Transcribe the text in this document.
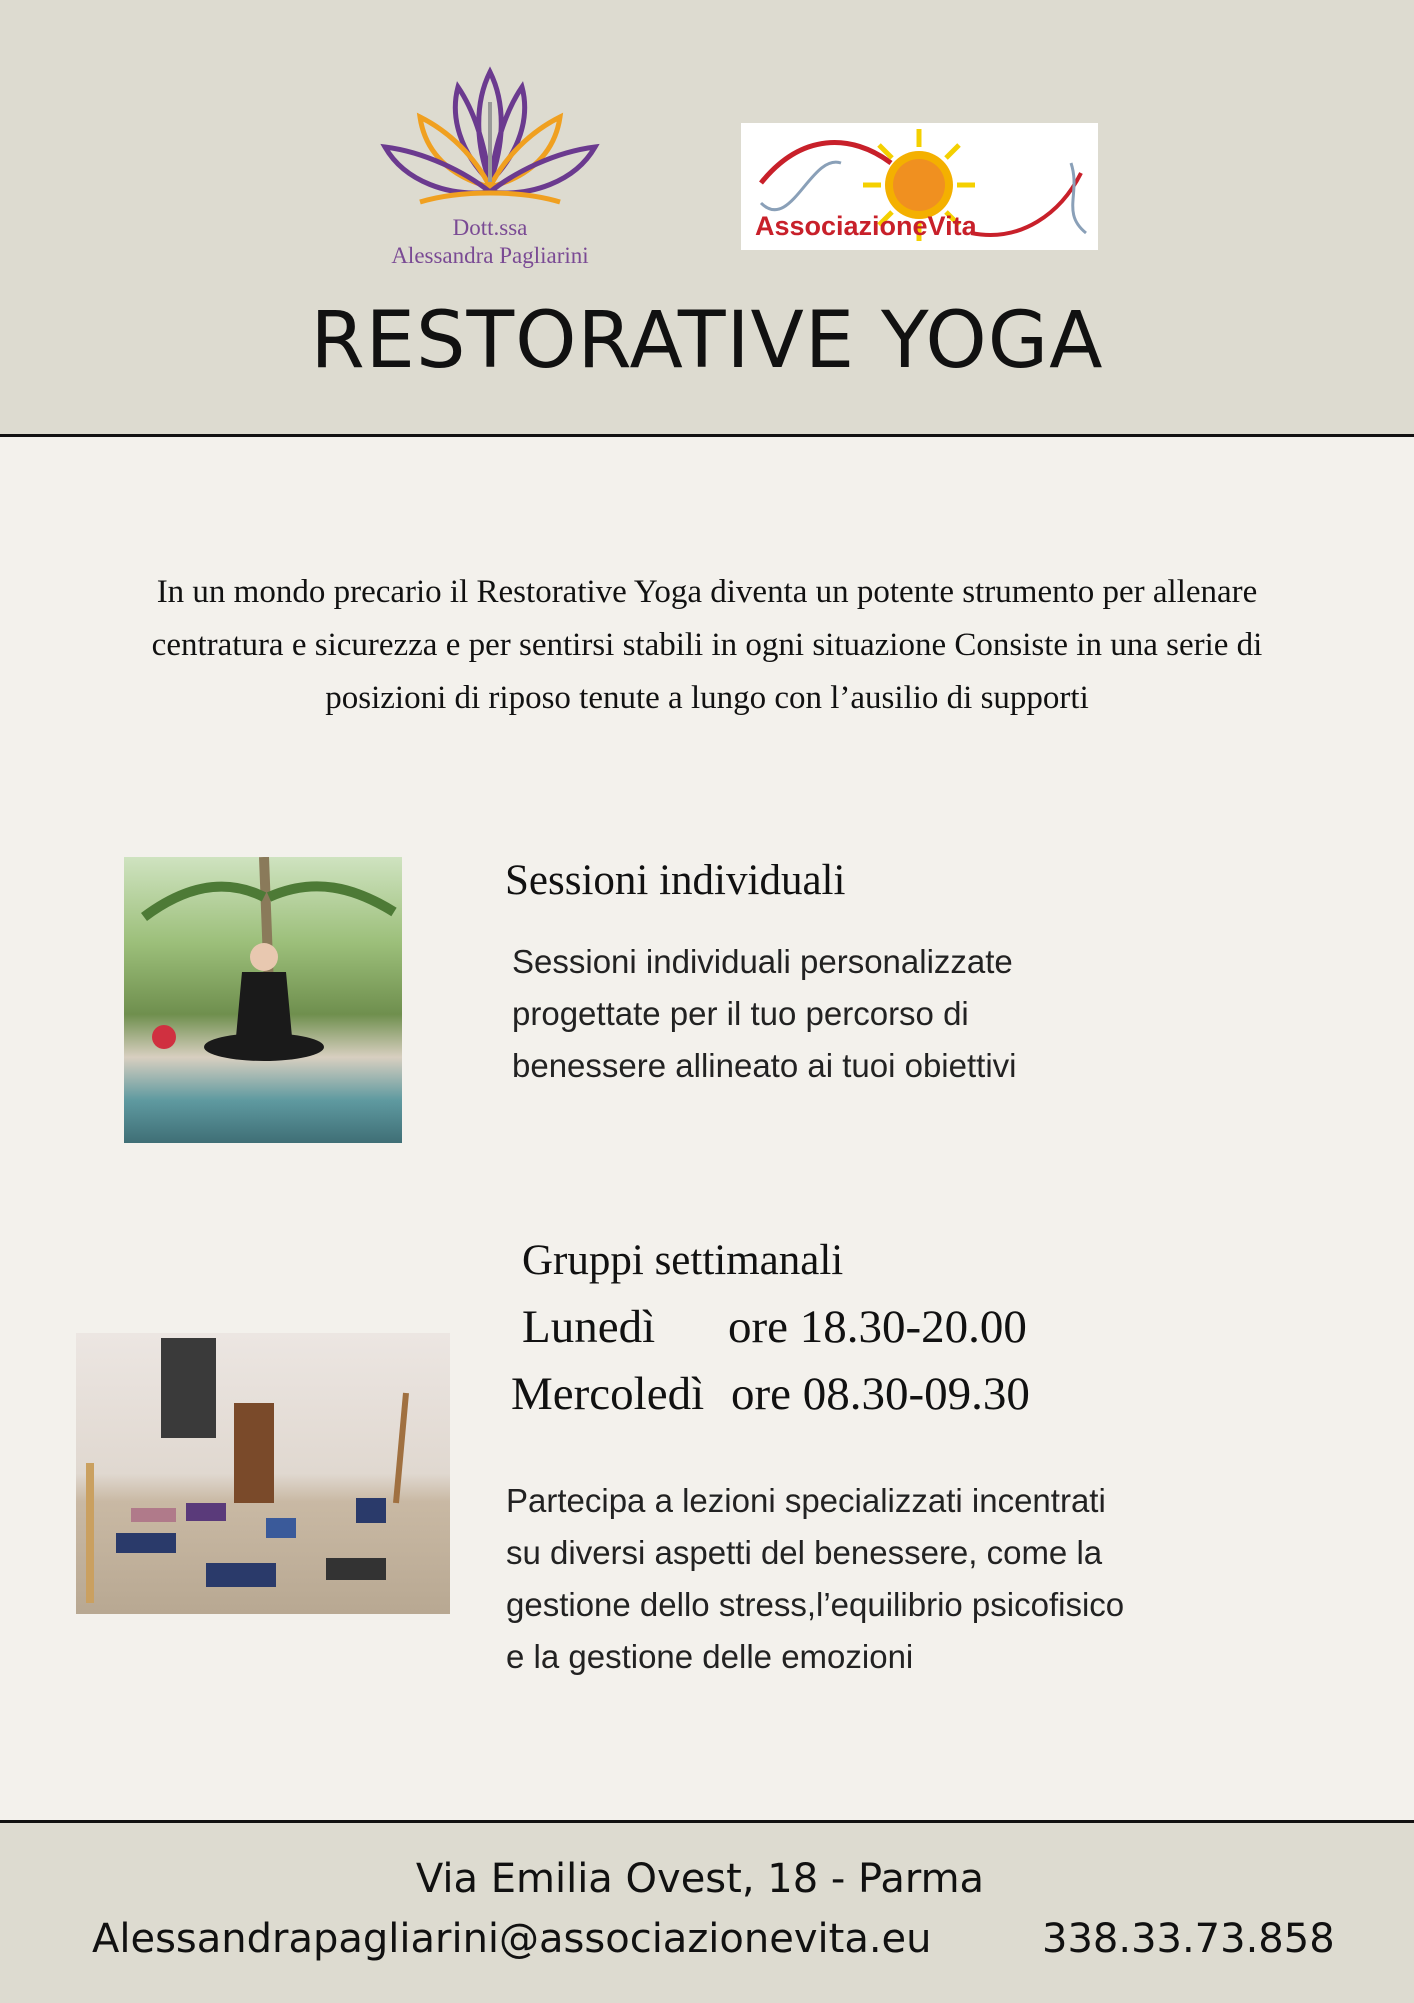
Dott.ssa
Alessandra Pagliarini
AssociazioneVita
RESTORATIVE YOGA
In un mondo precario il Restorative Yoga diventa un potente strumento per allenare centratura e sicurezza e per sentirsi stabili in ogni situazione Consiste in una serie di posizioni di riposo tenute a lungo con l’ausilio di supporti
Sessioni individuali
Sessioni individuali personalizzate progettate per il tuo percorso di benessere allineato ai tuoi obiettivi
Gruppi settimanali
Lunedì ore 18.30-20.00
Mercoledì ore 08.30-09.30
Partecipa a lezioni specializzati incentrati su diversi aspetti del benessere, come la gestione dello stress,l’equilibrio psicofisico e la gestione delle emozioni
Via Emilia Ovest, 18 - Parma
Alessandrapagliarini@associazionevita.eu	338.33.73.858
